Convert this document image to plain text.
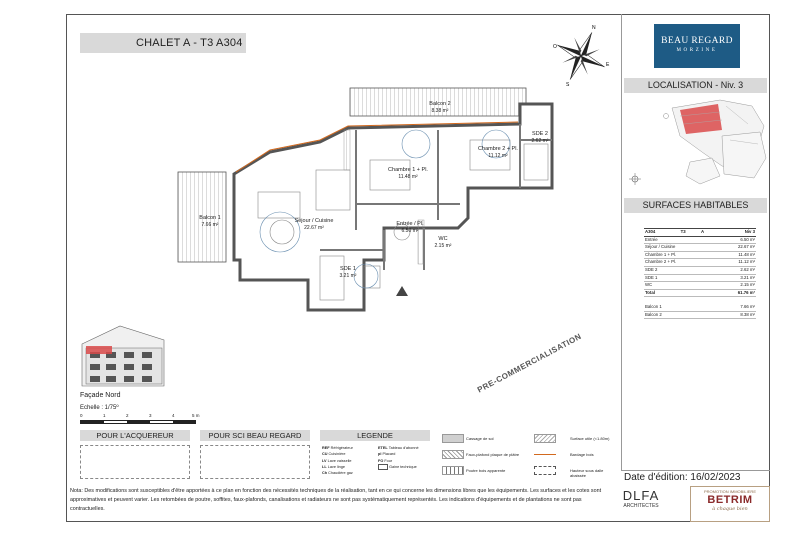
CHALET A - T3 A304	BEAU REGARD
MORZINE
LOCALISATION - Niv. 3
SURFACES HABITABLES
A304	T3	A	Niv 3
Entrée			6.50 m²
Séjour / Cuisine			22.67 m²
Chambre 1 + Pl.			11.48 m²
Chambre 2 + Pl.			11.12 m²
SDE 2			2.62 m²
SDE 1			3.21 m²
WC			2.15 m²
Total			61.76 m²

Balcon 1			7.66 m²
Balcon 2			8.38 m²
N
S
E
O
Balcon 2
8.38 m²
SDE 2
2.62 m²
Chambre 2 + Pl.
11.12 m²
Chambre 1 + Pl.
11.48 m²
Séjour / Cuisine
22.67 m²
Balcon 1
7.66 m²	Entrée / Pl.
6.50 m²
WC
2.15 m²
SDE 1
3.21 m²
Façade Nord
Echelle : 1/75º
0	1	2	3	4	5 m
PRE-COMMERCIALISATION
POUR L'ACQUEREUR	POUR SCI BEAU REGARD	LEGENDE
REF Réfrigérateur
CU Cuisinière
LV Lave vaisselle
LL Lave linge
Ch Chaudière gaz
ETEL Tableau d'abonné
pl Placard
FO Four
Gaine technique
Cassage de sol
Faux-plafond plaque de plâtre
Poutre bois apparente
Surface utile (<1.80m)
Bardage bois
Hauteur sous dalle abaissée	Date d'édition: 16/02/2023
Nota: Des modifications sont susceptibles d'être apportées à ce plan en fonction des nécessités techniques de la réalisation, tant en ce qui concerne les dimensions libres que les équipements. Les surfaces et les cotes sont approximatives et peuvent varier. Les retombées de poutre, soffites, faux-plafonds, canalisations et radiateurs ne sont pas systématiquement représentés. Les indications d'équipements et de plantations ne sont pas contractuelles.
DLFA
ARCHITECTES
PROMOTION IMMOBILIERE
BETRIM
à chaque bien
